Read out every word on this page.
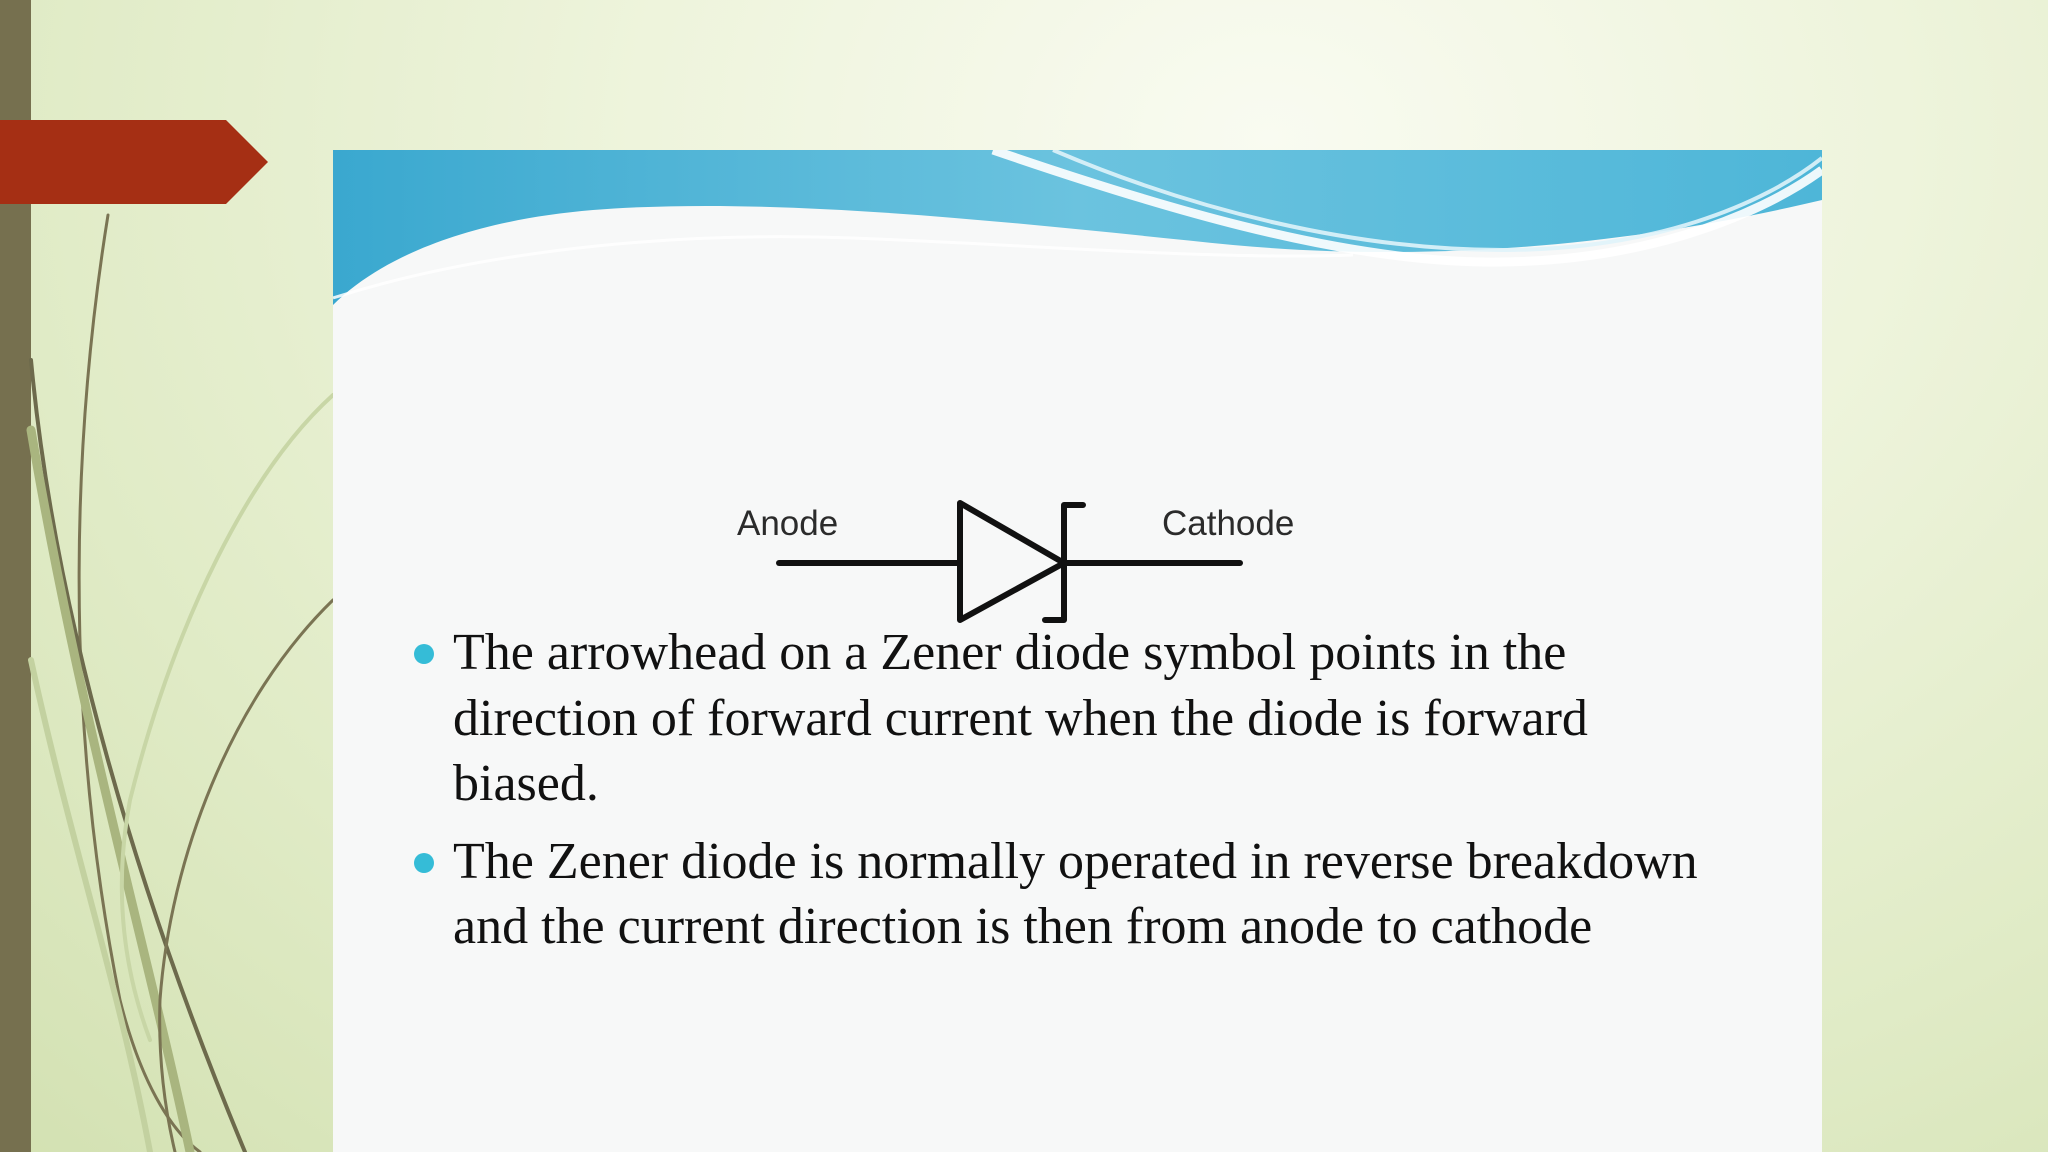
Anode	Cathode
The arrowhead on a Zener diode symbol points in the direction of forward current when the diode is forward biased.
The Zener diode is normally operated in reverse breakdown and the current direction is then from anode to cathode
